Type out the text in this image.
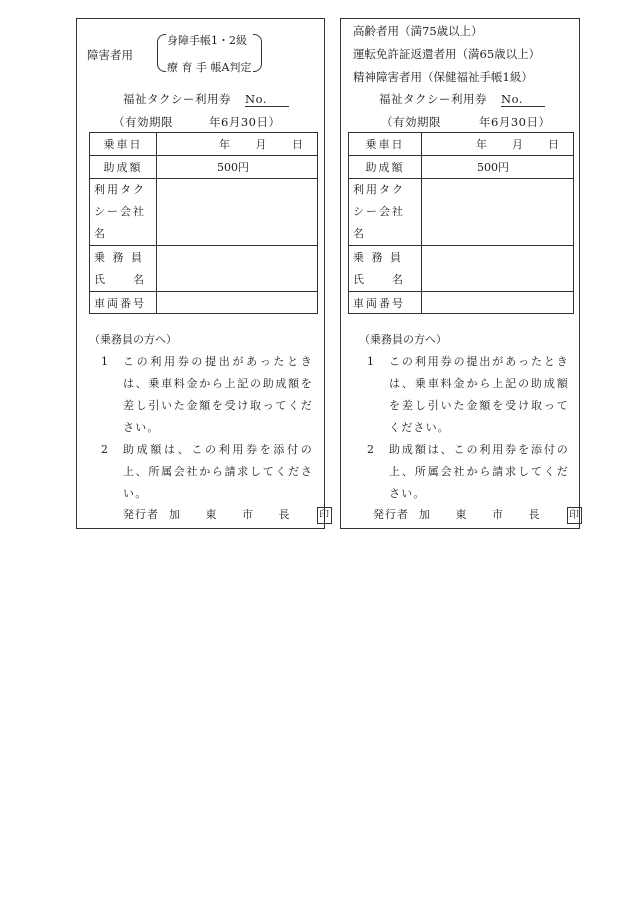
障害者用
身障手帳1・2級
療 育 手 帳A判定
福祉タクシー利用券 No.
（有効期限	年6月30日）
乗車日	年 月 日

助成額	500円

利用タク
シー会社
名	

乗 務 員
氏　　名	

車両番号	

（乗務員の方へ）

1	この利用券の提出があったときは、乗車料金から上記の助成額を差し引いた金額を受け取ってください。
2	助成額は、この利用券を添付の上、所属会社から請求してください。
発行者 加 東 市 長 印
高齢者用（満75歳以上）
運転免許証返還者用（満65歳以上）
精神障害者用（保健福祉手帳1級）
福祉タクシー利用券 No.
（有効期限	年6月30日）
乗車日	年 月 日

助成額	500円

利用タク
シー会社
名	

乗 務 員
氏　　名	

車両番号	

（乗務員の方へ）

1	この利用券の提出があったときは、乗車料金から上記の助成額を差し引いた金額を受け取ってください。
2	助成額は、この利用券を添付の上、所属会社から請求してください。
発行者 加 東 市 長 印
